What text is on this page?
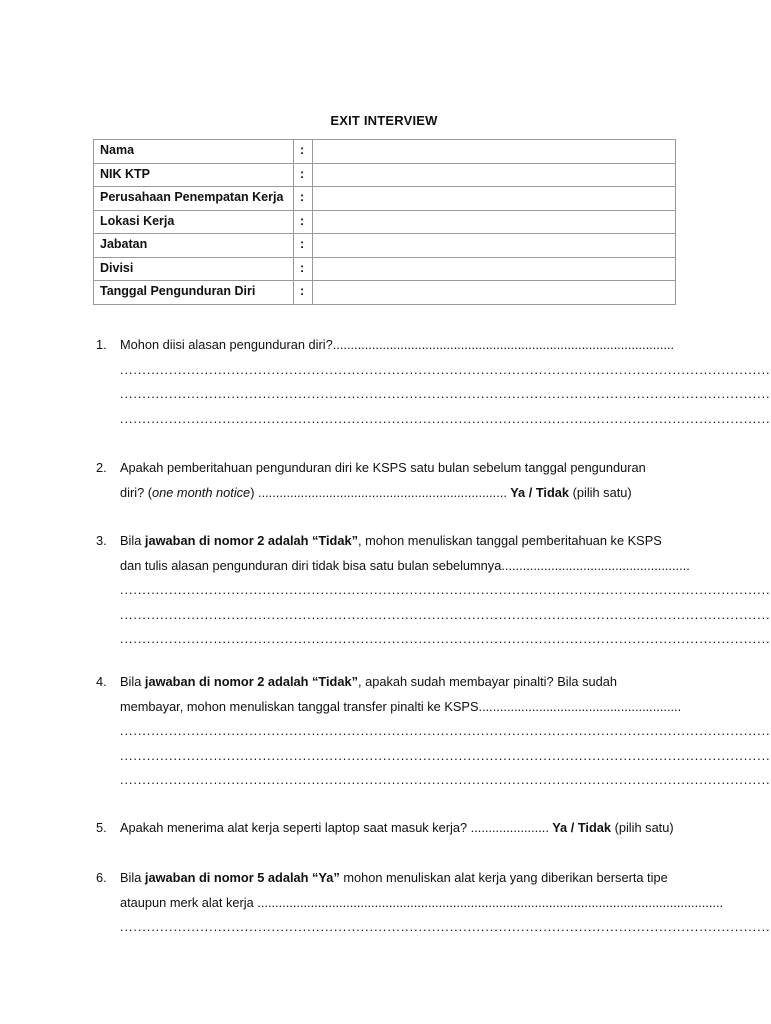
EXIT INTERVIEW
Nama	:	
NIK KTP	:	
Perusahaan Penempatan Kerja	:	
Lokasi Kerja	:	
Jabatan	:	
Divisi	:	
Tanggal Pengunduran Diri	:	
1. Mohon diisi alasan pengunduran diri?................................................................................................
..................................................................................................................................................
..................................................................................................................................................
..................................................................................................................................................
2. Apakah pemberitahuan pengunduran diri ke KSPS satu bulan sebelum tanggal pengunduran
diri? (one month notice) ...................................................................... Ya / Tidak (pilih satu)
3. Bila jawaban di nomor 2 adalah “Tidak”, mohon menuliskan tanggal pemberitahuan ke KSPS
dan tulis alasan pengunduran diri tidak bisa satu bulan sebelumnya.....................................................
..................................................................................................................................................
..................................................................................................................................................
..................................................................................................................................................
4. Bila jawaban di nomor 2 adalah “Tidak”, apakah sudah membayar pinalti? Bila sudah
membayar, mohon menuliskan tanggal transfer pinalti ke KSPS.........................................................
..................................................................................................................................................
..................................................................................................................................................
..................................................................................................................................................
5. Apakah menerima alat kerja seperti laptop saat masuk kerja? ...................... Ya / Tidak (pilih satu)
6. Bila jawaban di nomor 5 adalah “Ya” mohon menuliskan alat kerja yang diberikan berserta tipe
ataupun merk alat kerja ...................................................................................................................................
..................................................................................................................................................
